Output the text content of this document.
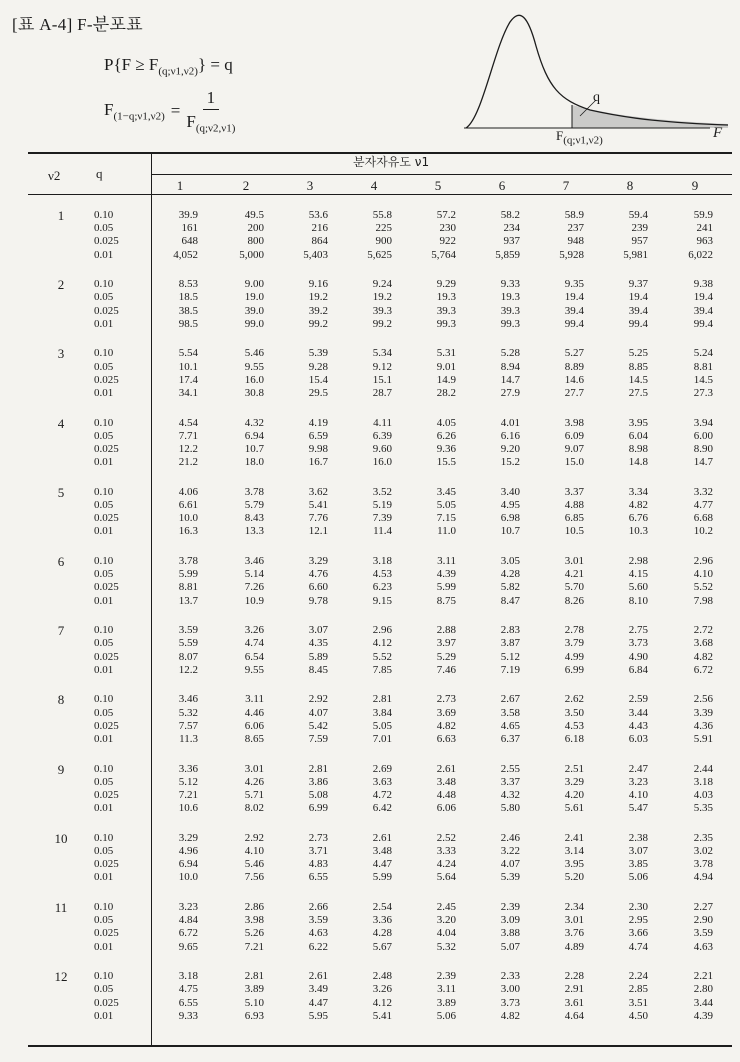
[표 A-4] F-분포표
$P\{F \ge F_{(q;\nu 1,\nu 2)}\} = q$
$F_{(1-q;\nu 1,\nu 2)} = \frac{1}{F_{(q;\nu 2,\nu 1)}}$	q
F
$F_{(q;\nu 1,\nu 2)}$
ν2	q
분자자유도 ν1
1	2	3	4	5	6	7	8	9
1	0.10	39.9	49.5	53.6	55.8	57.2	58.2	58.9	59.4	59.9
0.05	161	200	216	225	230	234	237	239	241
0.025	648	800	864	900	922	937	948	957	963
0.01	4,052	5,000	5,403	5,625	5,764	5,859	5,928	5,981	6,022
2	0.10	8.53	9.00	9.16	9.24	9.29	9.33	9.35	9.37	9.38
0.05	18.5	19.0	19.2	19.2	19.3	19.3	19.4	19.4	19.4
0.025	38.5	39.0	39.2	39.3	39.3	39.3	39.4	39.4	39.4
0.01	98.5	99.0	99.2	99.2	99.3	99.3	99.4	99.4	99.4
3	0.10	5.54	5.46	5.39	5.34	5.31	5.28	5.27	5.25	5.24
0.05	10.1	9.55	9.28	9.12	9.01	8.94	8.89	8.85	8.81
0.025	17.4	16.0	15.4	15.1	14.9	14.7	14.6	14.5	14.5
0.01	34.1	30.8	29.5	28.7	28.2	27.9	27.7	27.5	27.3
4	0.10	4.54	4.32	4.19	4.11	4.05	4.01	3.98	3.95	3.94
0.05	7.71	6.94	6.59	6.39	6.26	6.16	6.09	6.04	6.00
0.025	12.2	10.7	9.98	9.60	9.36	9.20	9.07	8.98	8.90
0.01	21.2	18.0	16.7	16.0	15.5	15.2	15.0	14.8	14.7
5	0.10	4.06	3.78	3.62	3.52	3.45	3.40	3.37	3.34	3.32
0.05	6.61	5.79	5.41	5.19	5.05	4.95	4.88	4.82	4.77
0.025	10.0	8.43	7.76	7.39	7.15	6.98	6.85	6.76	6.68
0.01	16.3	13.3	12.1	11.4	11.0	10.7	10.5	10.3	10.2
6	0.10	3.78	3.46	3.29	3.18	3.11	3.05	3.01	2.98	2.96
0.05	5.99	5.14	4.76	4.53	4.39	4.28	4.21	4.15	4.10
0.025	8.81	7.26	6.60	6.23	5.99	5.82	5.70	5.60	5.52
0.01	13.7	10.9	9.78	9.15	8.75	8.47	8.26	8.10	7.98
7	0.10	3.59	3.26	3.07	2.96	2.88	2.83	2.78	2.75	2.72
0.05	5.59	4.74	4.35	4.12	3.97	3.87	3.79	3.73	3.68
0.025	8.07	6.54	5.89	5.52	5.29	5.12	4.99	4.90	4.82
0.01	12.2	9.55	8.45	7.85	7.46	7.19	6.99	6.84	6.72
8	0.10	3.46	3.11	2.92	2.81	2.73	2.67	2.62	2.59	2.56
0.05	5.32	4.46	4.07	3.84	3.69	3.58	3.50	3.44	3.39
0.025	7.57	6.06	5.42	5.05	4.82	4.65	4.53	4.43	4.36
0.01	11.3	8.65	7.59	7.01	6.63	6.37	6.18	6.03	5.91
9	0.10	3.36	3.01	2.81	2.69	2.61	2.55	2.51	2.47	2.44
0.05	5.12	4.26	3.86	3.63	3.48	3.37	3.29	3.23	3.18
0.025	7.21	5.71	5.08	4.72	4.48	4.32	4.20	4.10	4.03
0.01	10.6	8.02	6.99	6.42	6.06	5.80	5.61	5.47	5.35
10	0.10	3.29	2.92	2.73	2.61	2.52	2.46	2.41	2.38	2.35
0.05	4.96	4.10	3.71	3.48	3.33	3.22	3.14	3.07	3.02
0.025	6.94	5.46	4.83	4.47	4.24	4.07	3.95	3.85	3.78
0.01	10.0	7.56	6.55	5.99	5.64	5.39	5.20	5.06	4.94
11	0.10	3.23	2.86	2.66	2.54	2.45	2.39	2.34	2.30	2.27
0.05	4.84	3.98	3.59	3.36	3.20	3.09	3.01	2.95	2.90
0.025	6.72	5.26	4.63	4.28	4.04	3.88	3.76	3.66	3.59
0.01	9.65	7.21	6.22	5.67	5.32	5.07	4.89	4.74	4.63
12	0.10	3.18	2.81	2.61	2.48	2.39	2.33	2.28	2.24	2.21
0.05	4.75	3.89	3.49	3.26	3.11	3.00	2.91	2.85	2.80
0.025	6.55	5.10	4.47	4.12	3.89	3.73	3.61	3.51	3.44
0.01	9.33	6.93	5.95	5.41	5.06	4.82	4.64	4.50	4.39
